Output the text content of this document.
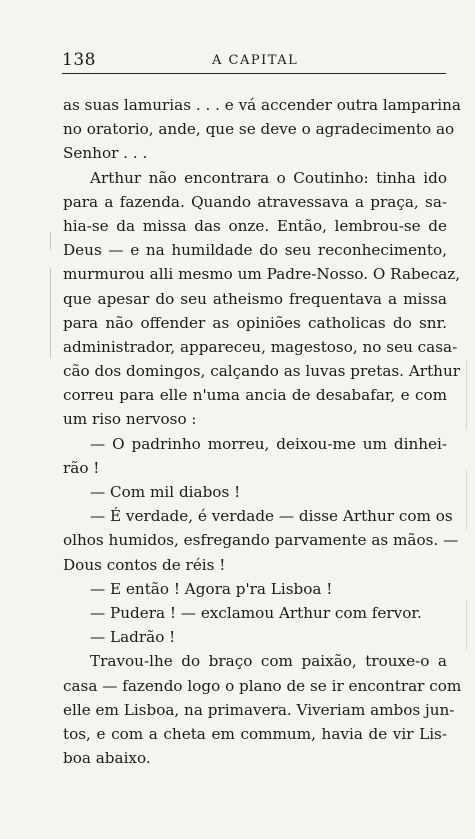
138	A CAPITAL
as suas lamurias . . . e vá accender outra lamparina
no oratorio, ande, que se deve o agradecimento ao
Senhor . . .
Arthur não encontrara o Coutinho: tinha ido
para a fazenda. Quando atravessava a praça, sa-
hia-se da missa das onze. Então, lembrou-se de
Deus — e na humildade do seu reconhecimento,
murmurou alli mesmo um Padre-Nosso. O Rabecaz,
que apesar do seu atheismo frequentava a missa
para não offender as opiniões catholicas do snr.
administrador, appareceu, magestoso, no seu casa-
cão dos domingos, calçando as luvas pretas. Arthur
correu para elle n'uma ancia de desabafar, e com
um riso nervoso :
— O padrinho morreu, deixou-me um dinhei-
rão !
— Com mil diabos !
— É verdade, é verdade — disse Arthur com os
olhos humidos, esfregando parvamente as mãos. —
Dous contos de réis !
— E então ! Agora p'ra Lisboa !
— Pudera ! — exclamou Arthur com fervor.
— Ladrão !
Travou-lhe do braço com paixão, trouxe-o a
casa — fazendo logo o plano de se ir encontrar com
elle em Lisboa, na primavera. Viveriam ambos jun-
tos, e com a cheta em commum, havia de vir Lis-
boa abaixo.
